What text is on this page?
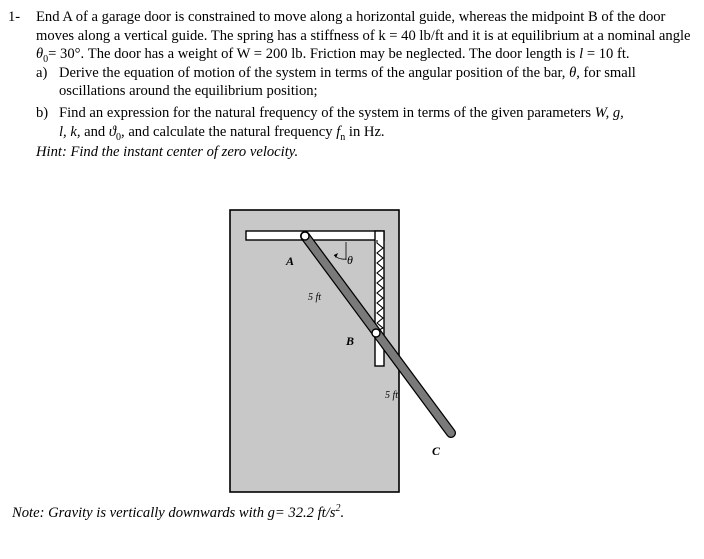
1- End A of a garage door is constrained to move along a horizontal guide, whereas the midpoint B of the door moves along a vertical guide. The spring has a stiffness of k = 40 lb/ft and it is at equilibrium at a nominal angle $\theta_0= 30^\circ$. The door has a weight of W = 200 lb. Friction may be neglected. The door length is l = 10 ft.
a) Derive the equation of motion of the system in terms of the angular position of the bar, θ, for small oscillations around the equilibrium position;
b) Find an expression for the natural frequency of the system in terms of the given parameters W, g,
l, k, and $ϑ_0$, and calculate the natural frequency $f_n$ in Hz.
Hint: Find the instant center of zero velocity.
A	θ
5 ft
B
5 ft
C
Note: Gravity is vertically downwards with g= 32.2 $ft/s^2$.
